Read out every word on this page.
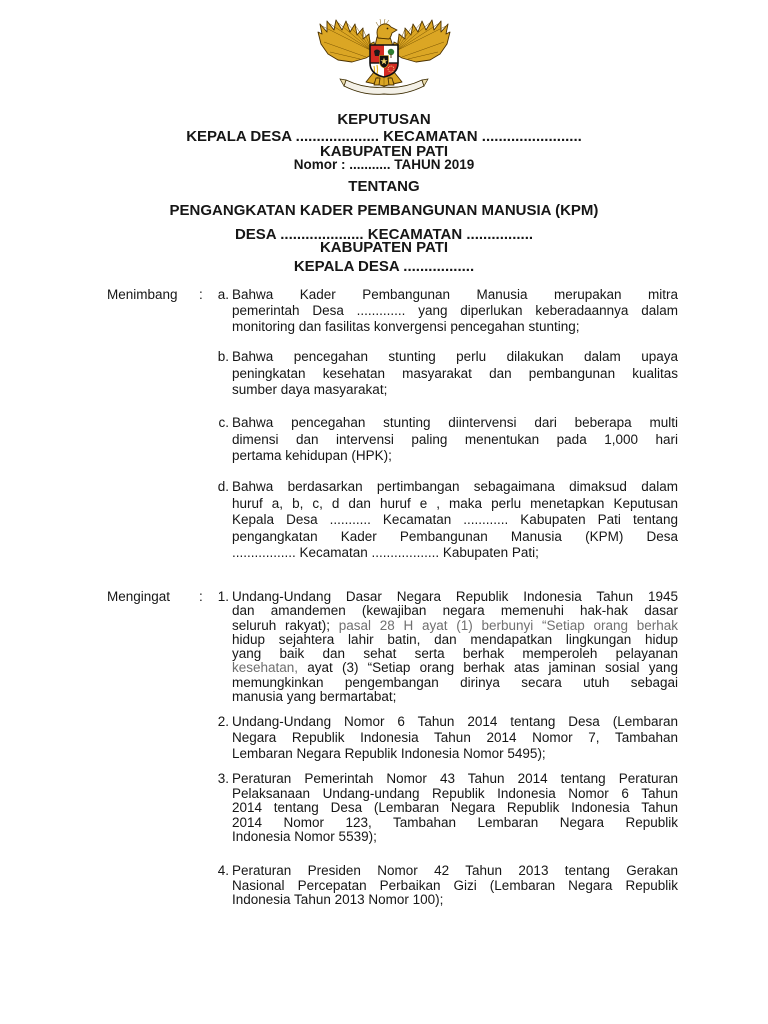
KEPUTUSAN
KEPALA DESA .................... KECAMATAN ........................
KABUPATEN PATI
Nomor : ........... TAHUN 2019
TENTANG
PENGANGKATAN KADER PEMBANGUNAN MANUSIA (KPM)
DESA .................... KECAMATAN ................
KABUPATEN PATI
KEPALA DESA .................
Menimbang :	a. Bahwa Kader Pembangunan Manusia merupakan mitra
pemerintah Desa ............. yang diperlukan keberadaannya dalam
monitoring dan fasilitas konvergensi pencegahan stunting;
b. Bahwa pencegahan stunting perlu dilakukan dalam upaya
peningkatan kesehatan masyarakat dan pembangunan kualitas
sumber daya masyarakat;
c. Bahwa pencegahan stunting diintervensi dari beberapa multi
dimensi dan intervensi paling menentukan pada 1,000 hari
pertama kehidupan (HPK);
d. Bahwa berdasarkan pertimbangan sebagaimana dimaksud dalam
huruf a, b, c, d dan huruf e , maka perlu menetapkan Keputusan
Kepala Desa ........... Kecamatan ............ Kabupaten Pati tentang
pengangkatan Kader Pembangunan Manusia (KPM) Desa
................. Kecamatan .................. Kabupaten Pati;
Mengingat :	1. Undang-Undang Dasar Negara Republik Indonesia Tahun 1945
dan amandemen (kewajiban negara memenuhi hak-hak dasar
seluruh rakyat); pasal 28 H ayat (1) berbunyi “Setiap orang berhak
hidup sejahtera lahir batin, dan mendapatkan lingkungan hidup
yang baik dan sehat serta berhak memperoleh pelayanan
kesehatan, ayat (3) “Setiap orang berhak atas jaminan sosial yang
memungkinkan pengembangan dirinya secara utuh sebagai
manusia yang bermartabat;
2. Undang-Undang Nomor 6 Tahun 2014 tentang Desa (Lembaran
Negara Republik Indonesia Tahun 2014 Nomor 7, Tambahan
Lembaran Negara Republik Indonesia Nomor 5495);
3. Peraturan Pemerintah Nomor 43 Tahun 2014 tentang Peraturan
Pelaksanaan Undang-undang Republik Indonesia Nomor 6 Tahun
2014 tentang Desa (Lembaran Negara Republik Indonesia Tahun
2014 Nomor 123, Tambahan Lembaran Negara Republik
Indonesia Nomor 5539);
4. Peraturan Presiden Nomor 42 Tahun 2013 tentang Gerakan
Nasional Percepatan Perbaikan Gizi (Lembaran Negara Republik
Indonesia Tahun 2013 Nomor 100);
